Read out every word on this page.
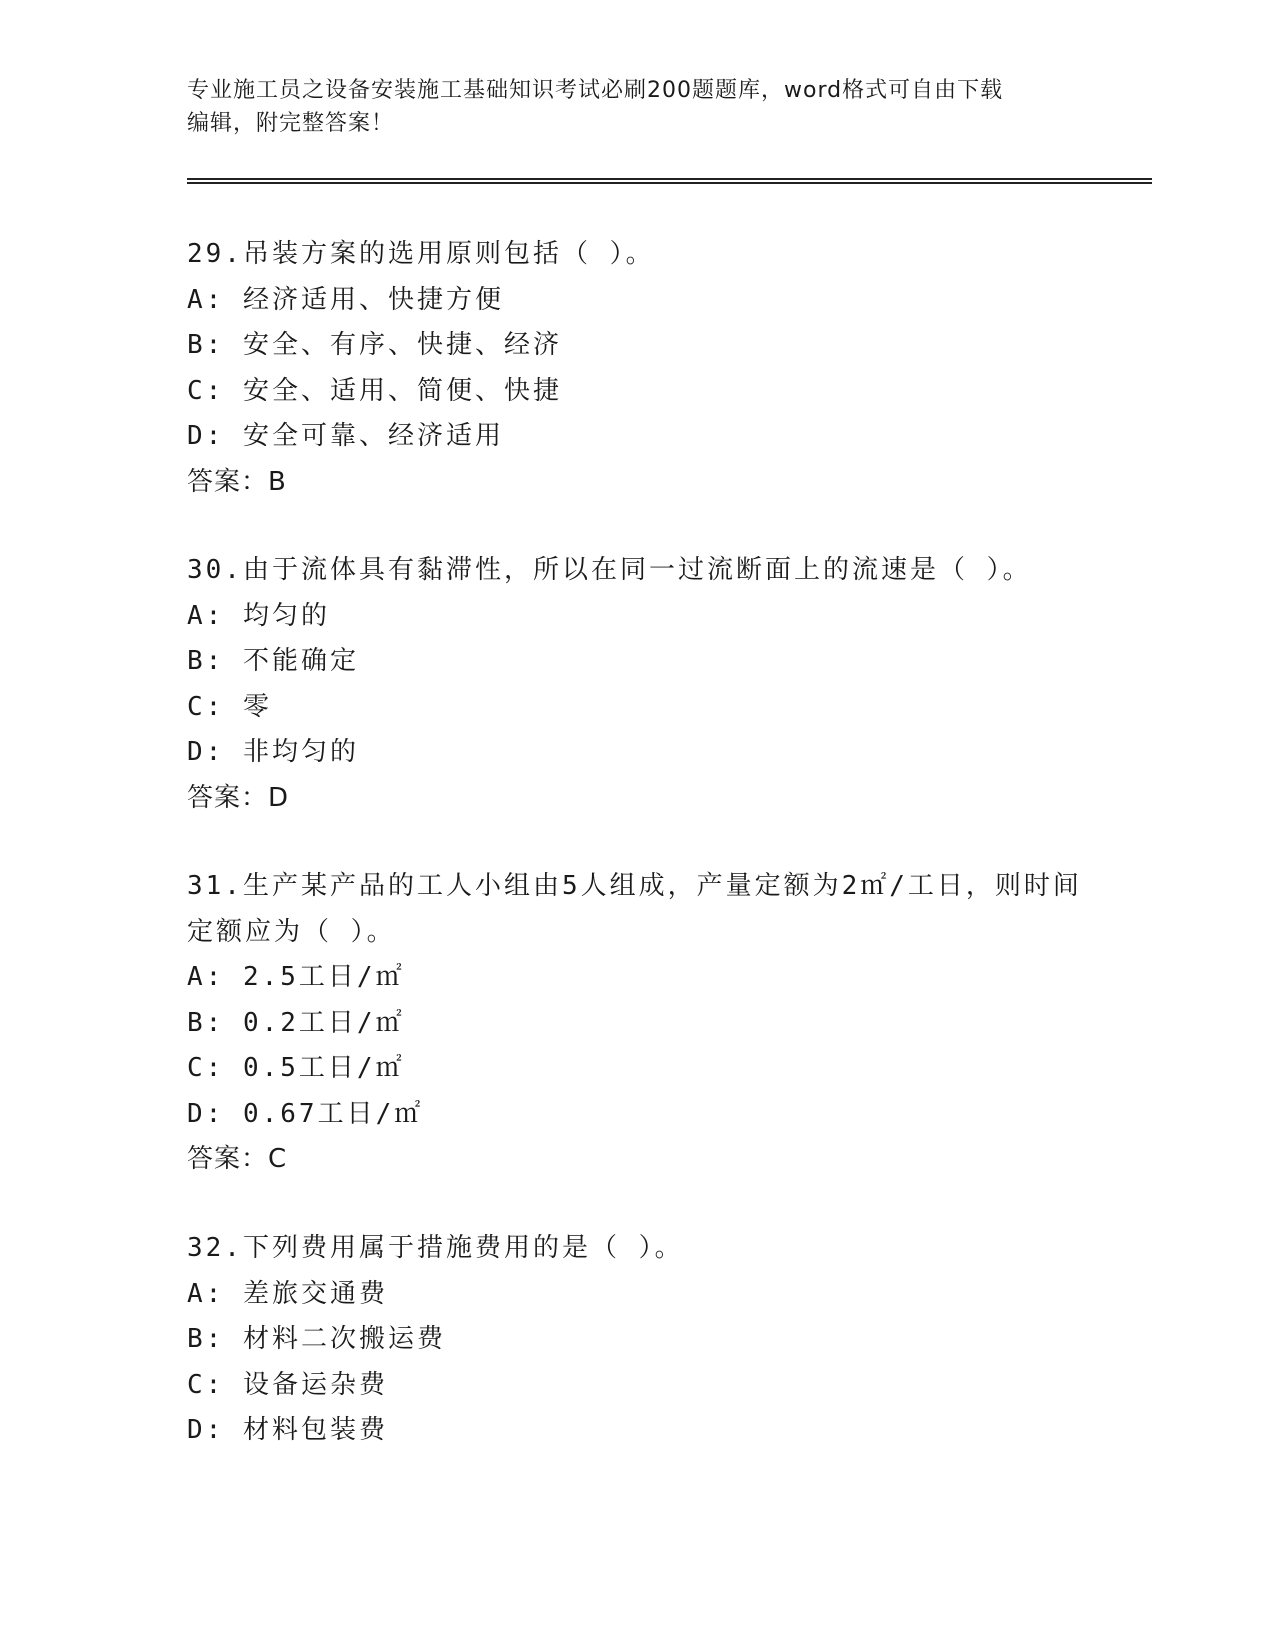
专业施工员之设备安装施工基础知识考试必刷200题题库，word格式可自由下载
编辑，附完整答案！
29.吊装方案的选用原则包括（ ）。
A: 经济适用、快捷方便
B: 安全、有序、快捷、经济
C: 安全、适用、简便、快捷
D: 安全可靠、经济适用
答案：B
30.由于流体具有黏滞性，所以在同一过流断面上的流速是（ ）。
A: 均匀的
B: 不能确定
C: 零
D: 非均匀的
答案：D
31.生产某产品的工人小组由5人组成，产量定额为2㎡/工日，则时间
定额应为（ ）。
A: 2.5工日/㎡
B: 0.2工日/㎡
C: 0.5工日/㎡
D: 0.67工日/㎡
答案：C
32.下列费用属于措施费用的是（ ）。
A: 差旅交通费
B: 材料二次搬运费
C: 设备运杂费
D: 材料包装费
